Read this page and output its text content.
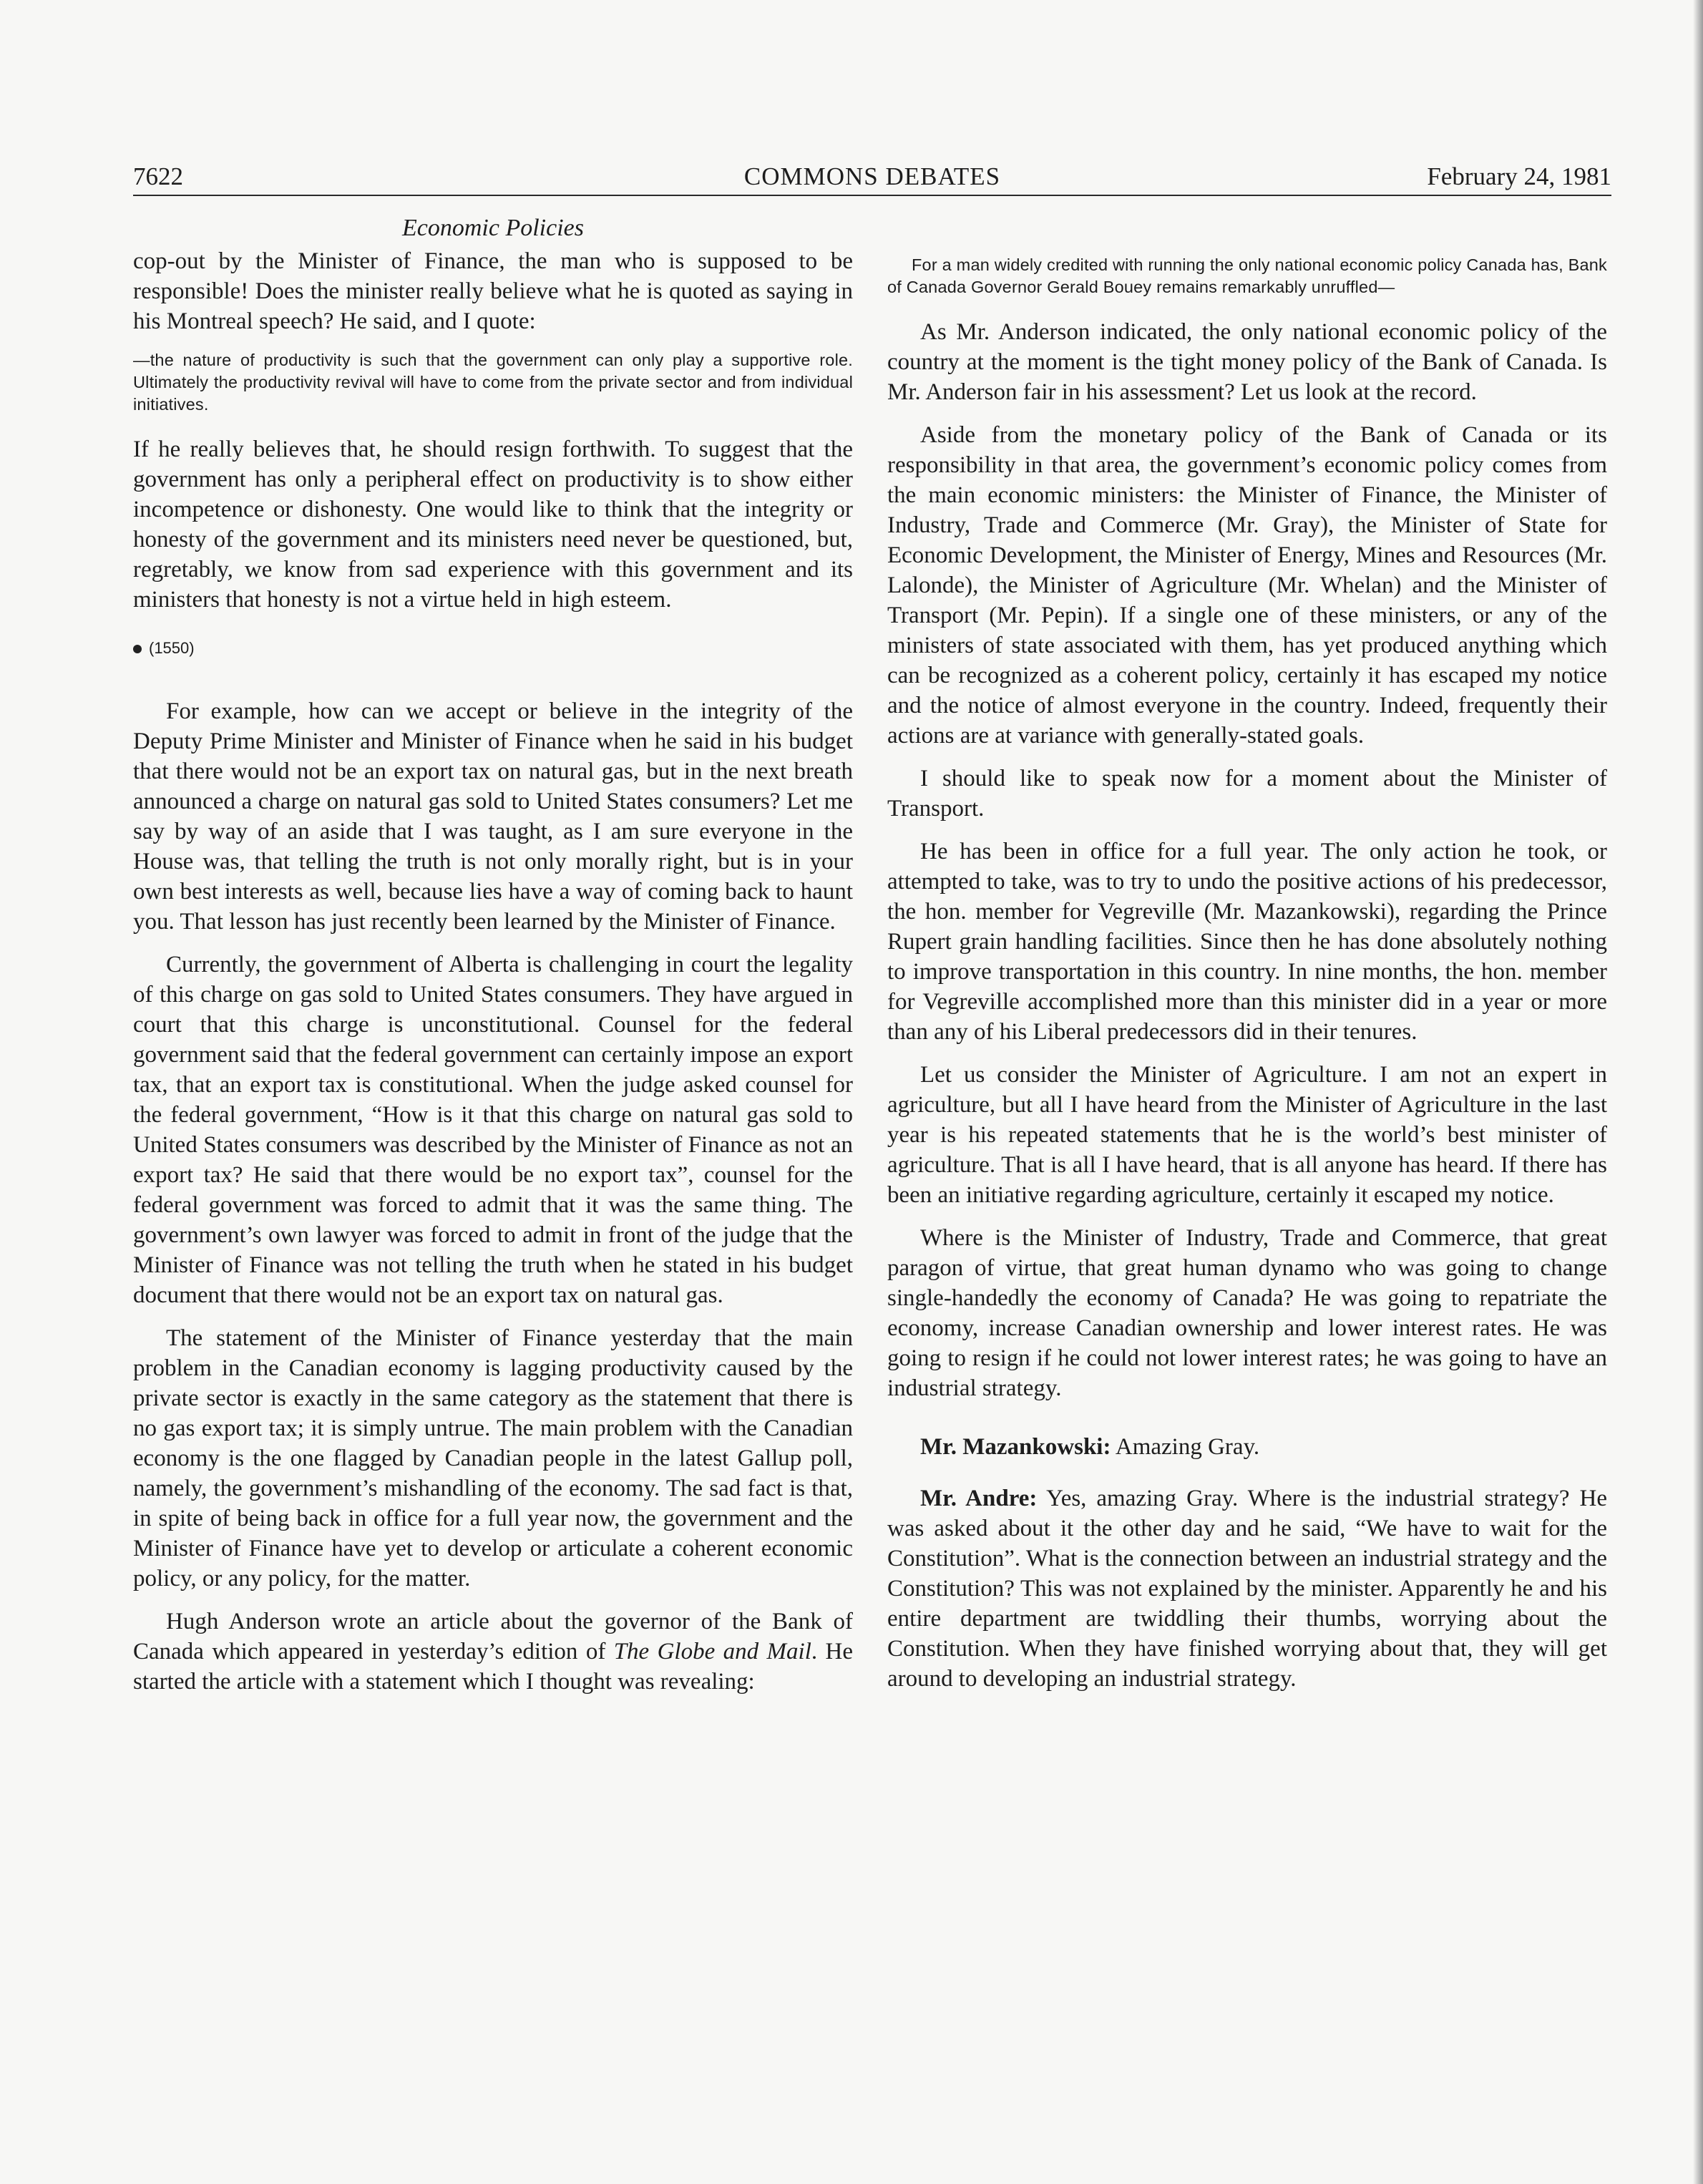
7622	COMMONS DEBATES	February 24, 1981
Economic Policies

cop-out by the Minister of Finance, the man who is supposed to be responsible! Does the minister really believe what he is quoted as saying in his Montreal speech? He said, and I quote:

—the nature of productivity is such that the government can only play a supportive role. Ultimately the productivity revival will have to come from the private sector and from individual initiatives.

If he really believes that, he should resign forthwith. To suggest that the government has only a peripheral effect on productivity is to show either incompetence or dishonesty. One would like to think that the integrity or honesty of the government and its ministers need never be questioned, but, regretably, we know from sad experience with this government and its ministers that honesty is not a virtue held in high esteem.

(1550)

For example, how can we accept or believe in the integrity of the Deputy Prime Minister and Minister of Finance when he said in his budget that there would not be an export tax on natural gas, but in the next breath announced a charge on natural gas sold to United States consumers? Let me say by way of an aside that I was taught, as I am sure everyone in the House was, that telling the truth is not only morally right, but is in your own best interests as well, because lies have a way of coming back to haunt you. That lesson has just recently been learned by the Minister of Finance.

Currently, the government of Alberta is challenging in court the legality of this charge on gas sold to United States consumers. They have argued in court that this charge is unconstitutional. Counsel for the federal government said that the federal government can certainly impose an export tax, that an export tax is constitutional. When the judge asked counsel for the federal government, “How is it that this charge on natural gas sold to United States consumers was described by the Minister of Finance as not an export tax? He said that there would be no export tax”, counsel for the federal government was forced to admit that it was the same thing. The government’s own lawyer was forced to admit in front of the judge that the Minister of Finance was not telling the truth when he stated in his budget document that there would not be an export tax on natural gas.

The statement of the Minister of Finance yesterday that the main problem in the Canadian economy is lagging productivity caused by the private sector is exactly in the same category as the statement that there is no gas export tax; it is simply untrue. The main problem with the Canadian economy is the one flagged by Canadian people in the latest Gallup poll, namely, the government’s mishandling of the economy. The sad fact is that, in spite of being back in office for a full year now, the government and the Minister of Finance have yet to develop or articulate a coherent economic policy, or any policy, for the matter.

Hugh Anderson wrote an article about the governor of the Bank of Canada which appeared in yesterday’s edition of The Globe and Mail. He started the article with a statement which I thought was revealing:

For a man widely credited with running the only national economic policy Canada has, Bank of Canada Governor Gerald Bouey remains remarkably unruffled—

As Mr. Anderson indicated, the only national economic policy of the country at the moment is the tight money policy of the Bank of Canada. Is Mr. Anderson fair in his assessment? Let us look at the record.

Aside from the monetary policy of the Bank of Canada or its responsibility in that area, the government’s economic policy comes from the main economic ministers: the Minister of Finance, the Minister of Industry, Trade and Commerce (Mr. Gray), the Minister of State for Economic Development, the Minister of Energy, Mines and Resources (Mr. Lalonde), the Minister of Agriculture (Mr. Whelan) and the Minister of Transport (Mr. Pepin). If a single one of these ministers, or any of the ministers of state associated with them, has yet produced anything which can be recognized as a coherent policy, certainly it has escaped my notice and the notice of almost everyone in the country. Indeed, frequently their actions are at variance with generally-stated goals.

I should like to speak now for a moment about the Minister of Transport.

He has been in office for a full year. The only action he took, or attempted to take, was to try to undo the positive actions of his predecessor, the hon. member for Vegreville (Mr. Mazankowski), regarding the Prince Rupert grain handling facilities. Since then he has done absolutely nothing to improve transportation in this country. In nine months, the hon. member for Vegreville accomplished more than this minister did in a year or more than any of his Liberal predecessors did in their tenures.

Let us consider the Minister of Agriculture. I am not an expert in agriculture, but all I have heard from the Minister of Agriculture in the last year is his repeated statements that he is the world’s best minister of agriculture. That is all I have heard, that is all anyone has heard. If there has been an initiative regarding agriculture, certainly it escaped my notice.

Where is the Minister of Industry, Trade and Commerce, that great paragon of virtue, that great human dynamo who was going to change single-handedly the economy of Canada? He was going to repatriate the economy, increase Canadian ownership and lower interest rates. He was going to resign if he could not lower interest rates; he was going to have an industrial strategy.

Mr. Mazankowski: Amazing Gray.

Mr. Andre: Yes, amazing Gray. Where is the industrial strategy? He was asked about it the other day and he said, “We have to wait for the Constitution”. What is the connection between an industrial strategy and the Constitution? This was not explained by the minister. Apparently he and his entire department are twiddling their thumbs, worrying about the Constitution. When they have finished worrying about that, they will get around to developing an industrial strategy.
